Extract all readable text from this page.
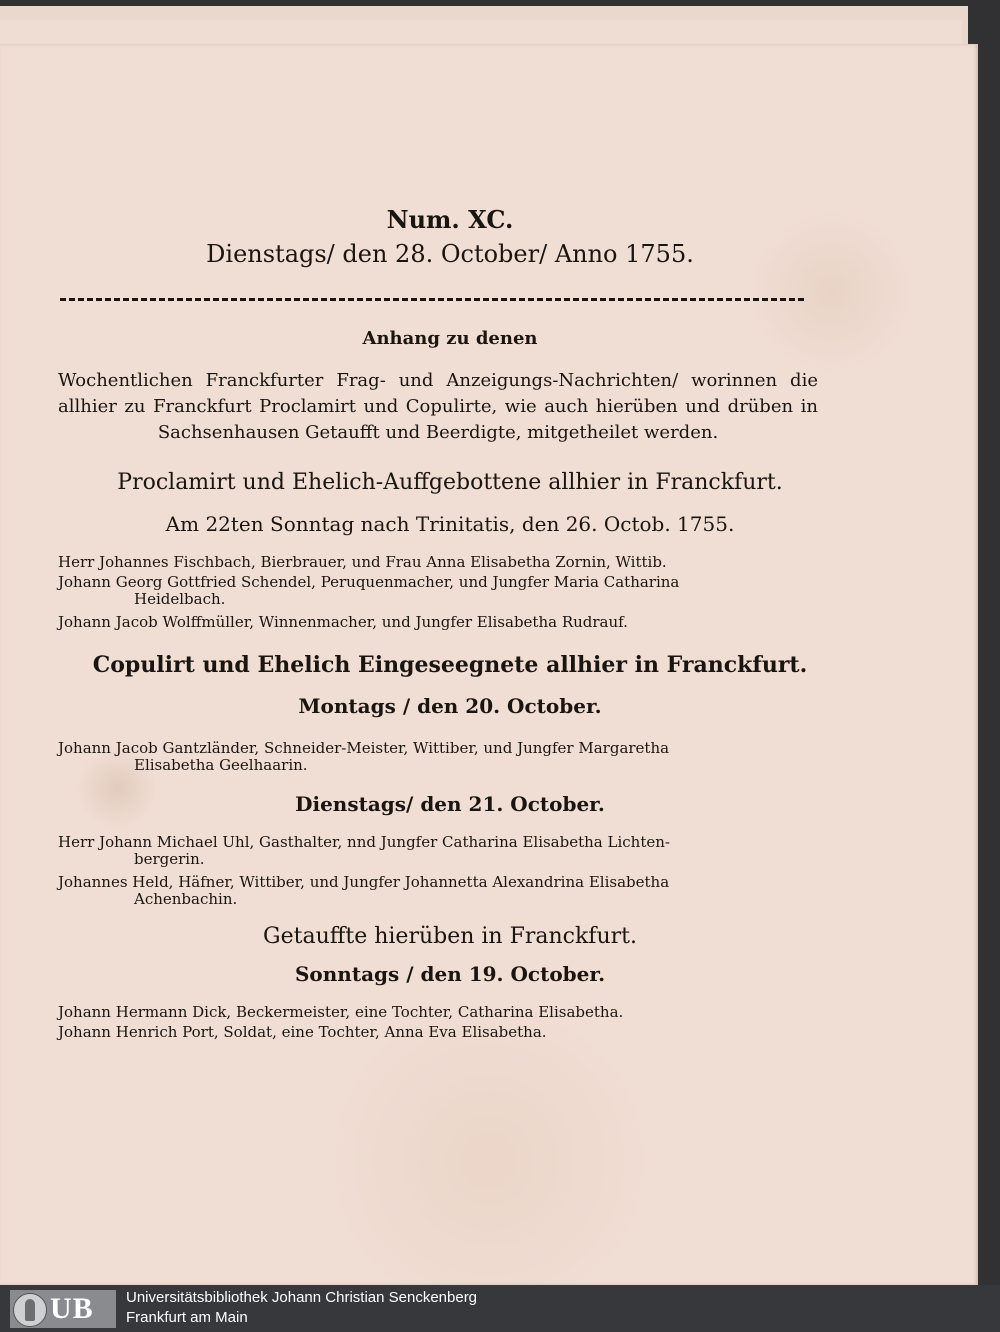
Num. XC.
Dienstags/ den 28. October/ Anno 1755.
Anhang zu denen
Wochentlichen Franckfurter Frag- und Anzeigungs-Nachrichten/ worinnen die allhier zu Franckfurt Proclamirt und Copulirte, wie auch hierüben und drüben in Sachsenhausen Getaufft und Beerdigte, mitgetheilet werden.
Proclamirt und Ehelich-Auffgebottene allhier in Franckfurt.
Am 22ten Sonntag nach Trinitatis, den 26. Octob. 1755.
Herr Johannes Fischbach, Bierbrauer, und Frau Anna Elisabetha Zornin, Wittib.
Johann Georg Gottfried Schendel, Peruquenmacher, und Jungfer Maria Catharina
Heidelbach.
Johann Jacob Wolffmüller, Winnenmacher, und Jungfer Elisabetha Rudrauf.
Copulirt und Ehelich Eingeseegnete allhier in Franckfurt.
Montags / den 20. October.
Johann Jacob Gantzländer, Schneider-Meister, Wittiber, und Jungfer Margaretha
Elisabetha Geelhaarin.
Dienstags/ den 21. October.
Herr Johann Michael Uhl, Gasthalter, nnd Jungfer Catharina Elisabetha Lichten-
bergerin.
Johannes Held, Häfner, Wittiber, und Jungfer Johannetta Alexandrina Elisabetha
Achenbachin.
Getauffte hierüben in Franckfurt.
Sonntags / den 19. October.
Johann Hermann Dick, Beckermeister, eine Tochter, Catharina Elisabetha.
Johann Henrich Port, Soldat, eine Tochter, Anna Eva Elisabetha.
UB Universitätsbibliothek Johann Christian Senckenberg
Frankfurt am Main
